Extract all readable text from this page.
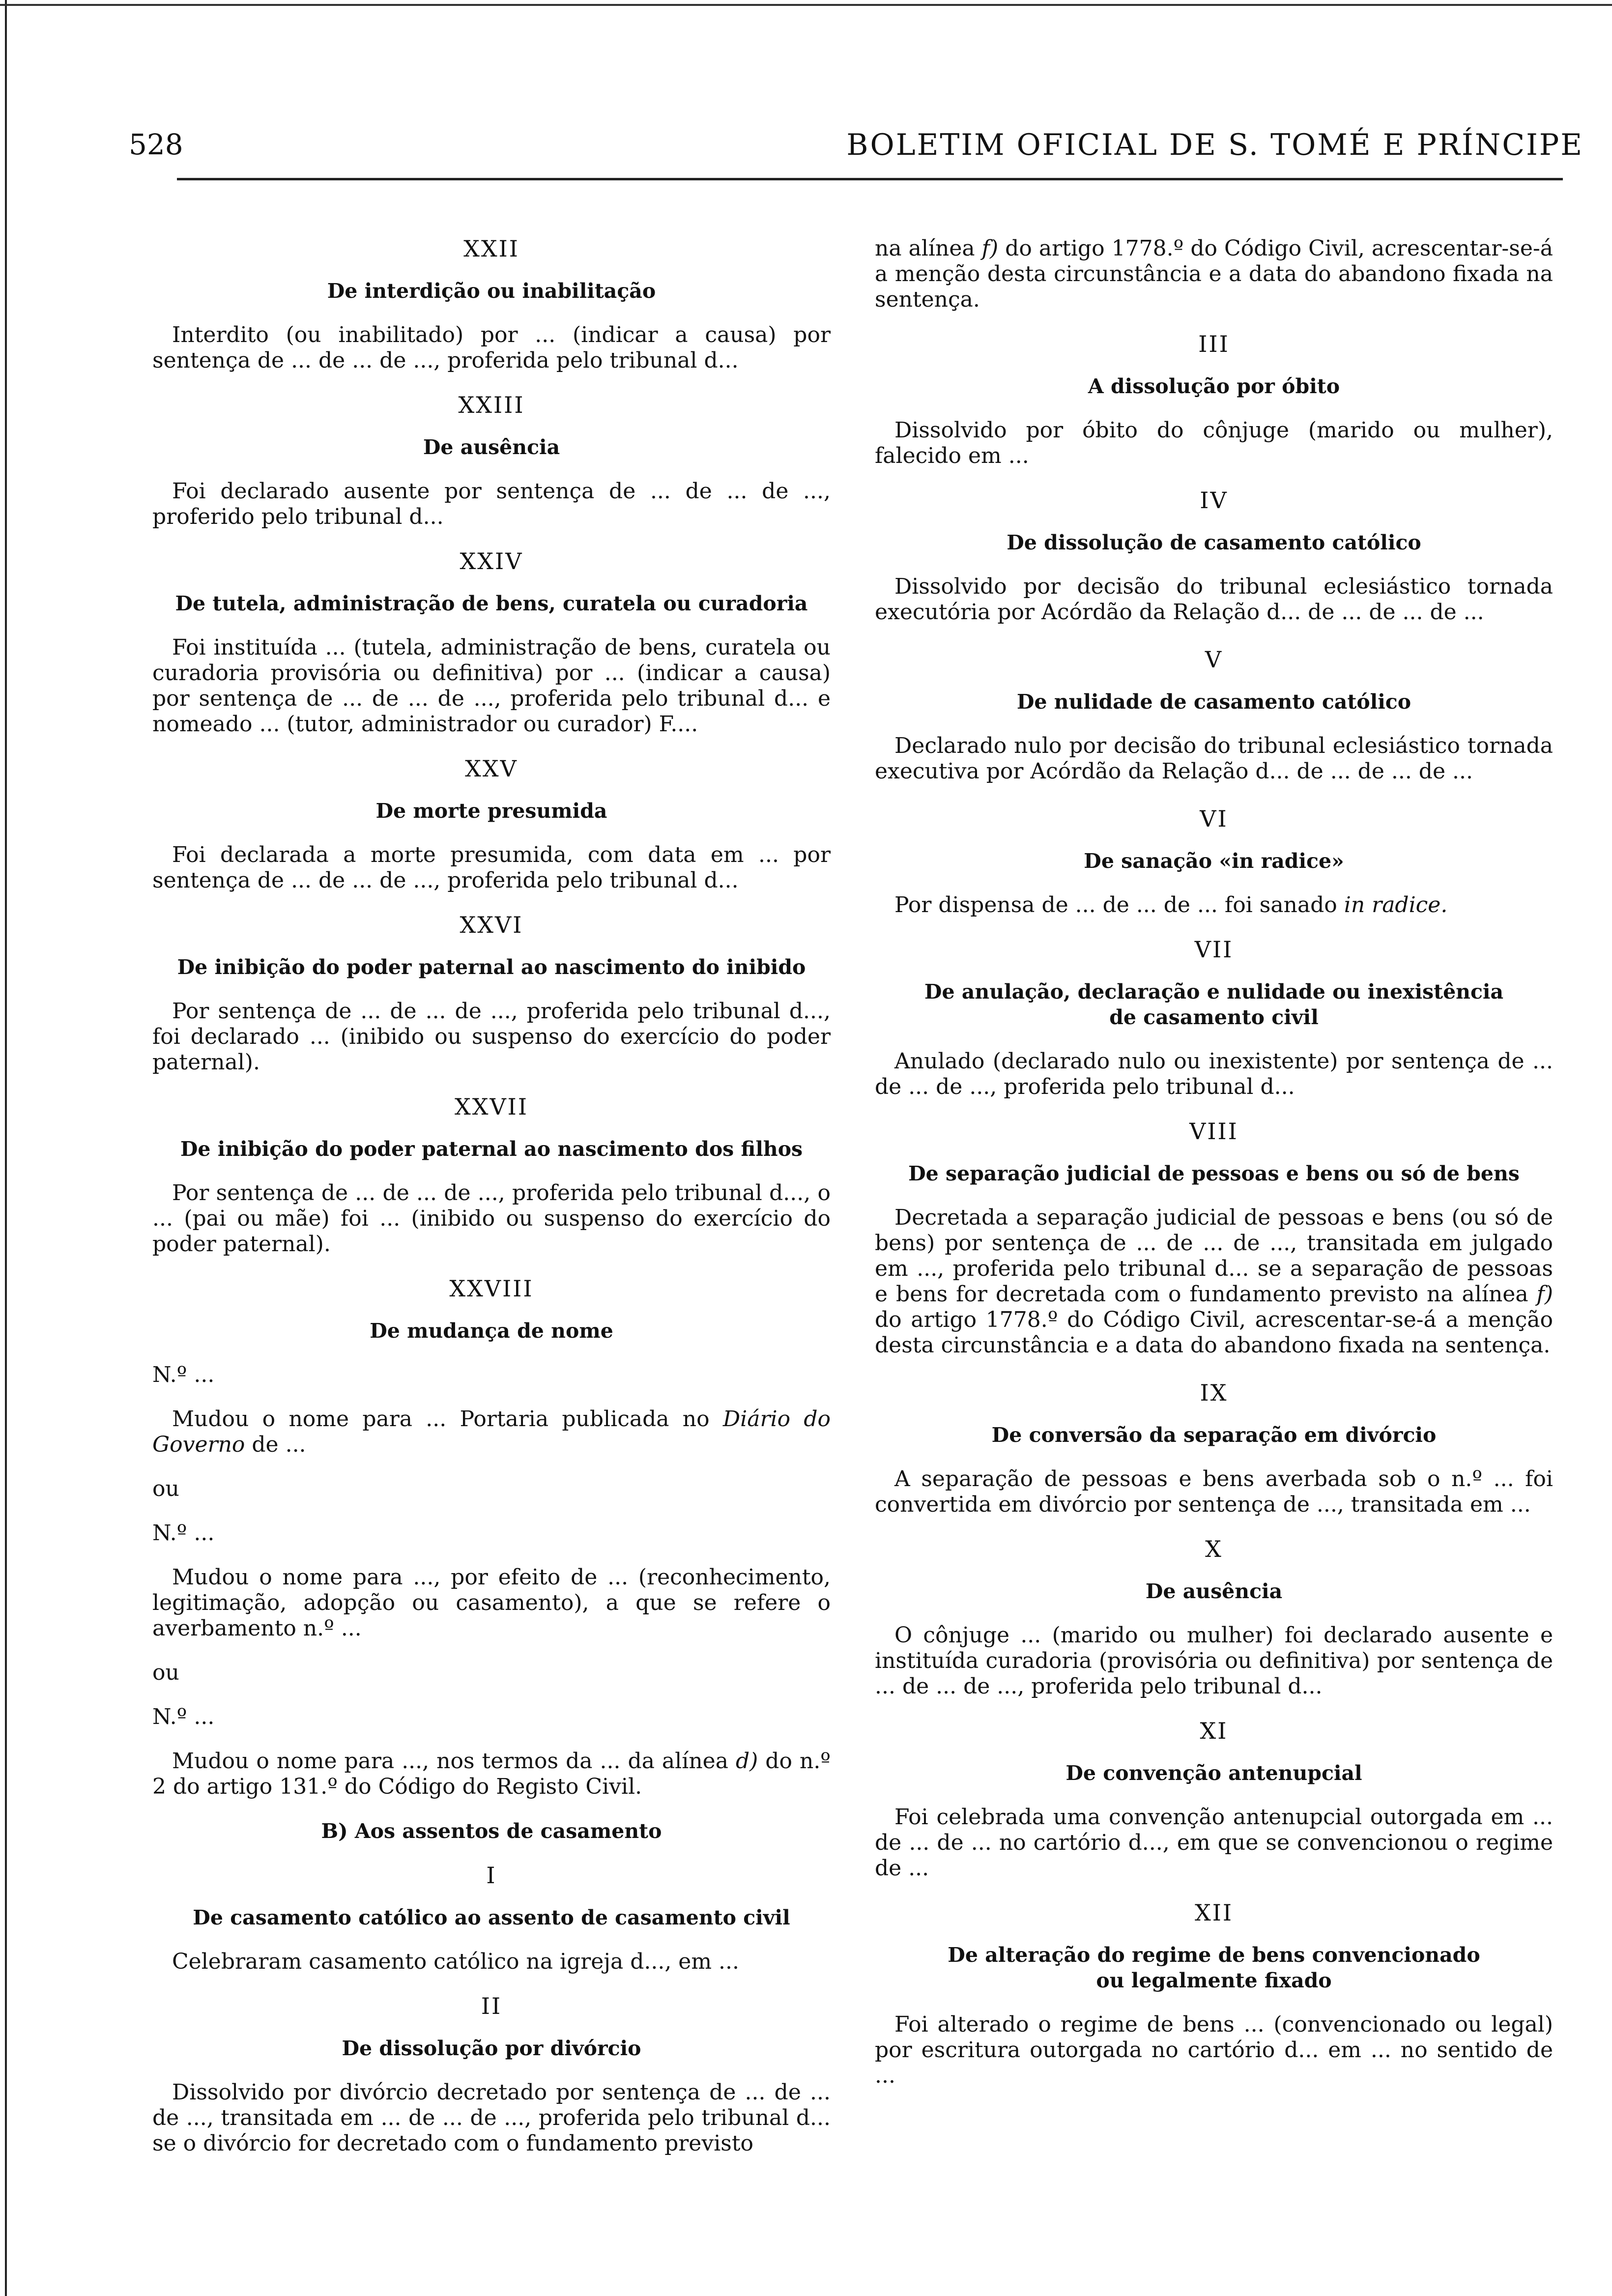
528	BOLETIM OFICIAL DE S. TOMÉ E PRÍNCIPE
XXII
De interdição ou inabilitação

Interdito (ou inabilitado) por ... (indicar a causa) por sentença de ... de ... de ..., proferida pelo tribunal d...

XXIII
De ausência

Foi declarado ausente por sentença de ... de ... de ..., proferido pelo tribunal d...

XXIV
De tutela, administração de bens, curatela ou curadoria

Foi instituída ... (tutela, administração de bens, curatela ou curadoria provisória ou definitiva) por ... (indicar a causa) por sentença de ... de ... de ..., proferida pelo tribunal d... e nomeado ... (tutor, administrador ou curador) F....

XXV
De morte presumida

Foi declarada a morte presumida, com data em ... por sentença de ... de ... de ..., proferida pelo tribunal d...

XXVI
De inibição do poder paternal ao nascimento do inibido

Por sentença de ... de ... de ..., proferida pelo tribunal d..., foi declarado ... (inibido ou suspenso do exercício do poder paternal).

XXVII
De inibição do poder paternal ao nascimento dos filhos

Por sentença de ... de ... de ..., proferida pelo tribunal d..., o ... (pai ou mãe) foi ... (inibido ou suspenso do exercício do poder paternal).

XXVIII
De mudança de nome

N.º ...

Mudou o nome para ... Portaria publicada no Diário do Governo de ...

ou

N.º ...

Mudou o nome para ..., por efeito de ... (reconhecimento, legitimação, adopção ou casamento), a que se refere o averbamento n.º ...

ou

N.º ...

Mudou o nome para ..., nos termos da ... da alínea d) do n.º 2 do artigo 131.º do Código do Registo Civil.

B) Aos assentos de casamento
I
De casamento católico ao assento de casamento civil

Celebraram casamento católico na igreja d..., em ...

II
De dissolução por divórcio

Dissolvido por divórcio decretado por sentença de ... de ... de ..., transitada em ... de ... de ..., proferida pelo tribunal d... se o divórcio for decretado com o fundamento previsto

na alínea f) do artigo 1778.º do Código Civil, acrescentar-se-á a menção desta circunstância e a data do abandono fixada na sentença.

III
A dissolução por óbito

Dissolvido por óbito do cônjuge (marido ou mulher), falecido em ...

IV
De dissolução de casamento católico

Dissolvido por decisão do tribunal eclesiástico tornada executória por Acórdão da Relação d... de ... de ... de ...

V
De nulidade de casamento católico

Declarado nulo por decisão do tribunal eclesiástico tornada executiva por Acórdão da Relação d... de ... de ... de ...

VI
De sanação «in radice»

Por dispensa de ... de ... de ... foi sanado in radice.

VII
De anulação, declaração e nulidade ou inexistência
de casamento civil

Anulado (declarado nulo ou inexistente) por sentença de ... de ... de ..., proferida pelo tribunal d...

VIII
De separação judicial de pessoas e bens ou só de bens

Decretada a separação judicial de pessoas e bens (ou só de bens) por sentença de ... de ... de ..., transitada em julgado em ..., proferida pelo tribunal d... se a separação de pessoas e bens for decretada com o fundamento previsto na alínea f) do artigo 1778.º do Código Civil, acrescentar-se-á a menção desta circunstância e a data do abandono fixada na sentença.

IX
De conversão da separação em divórcio

A separação de pessoas e bens averbada sob o n.º ... foi convertida em divórcio por sentença de ..., transitada em ...

X
De ausência

O cônjuge ... (marido ou mulher) foi declarado ausente e instituída curadoria (provisória ou definitiva) por sentença de ... de ... de ..., proferida pelo tribunal d...

XI
De convenção antenupcial

Foi celebrada uma convenção antenupcial outorgada em ... de ... de ... no cartório d..., em que se convencionou o regime de ...

XII
De alteração do regime de bens convencionado
ou legalmente fixado

Foi alterado o regime de bens ... (convencionado ou legal) por escritura outorgada no cartório d... em ... no sentido de ...
